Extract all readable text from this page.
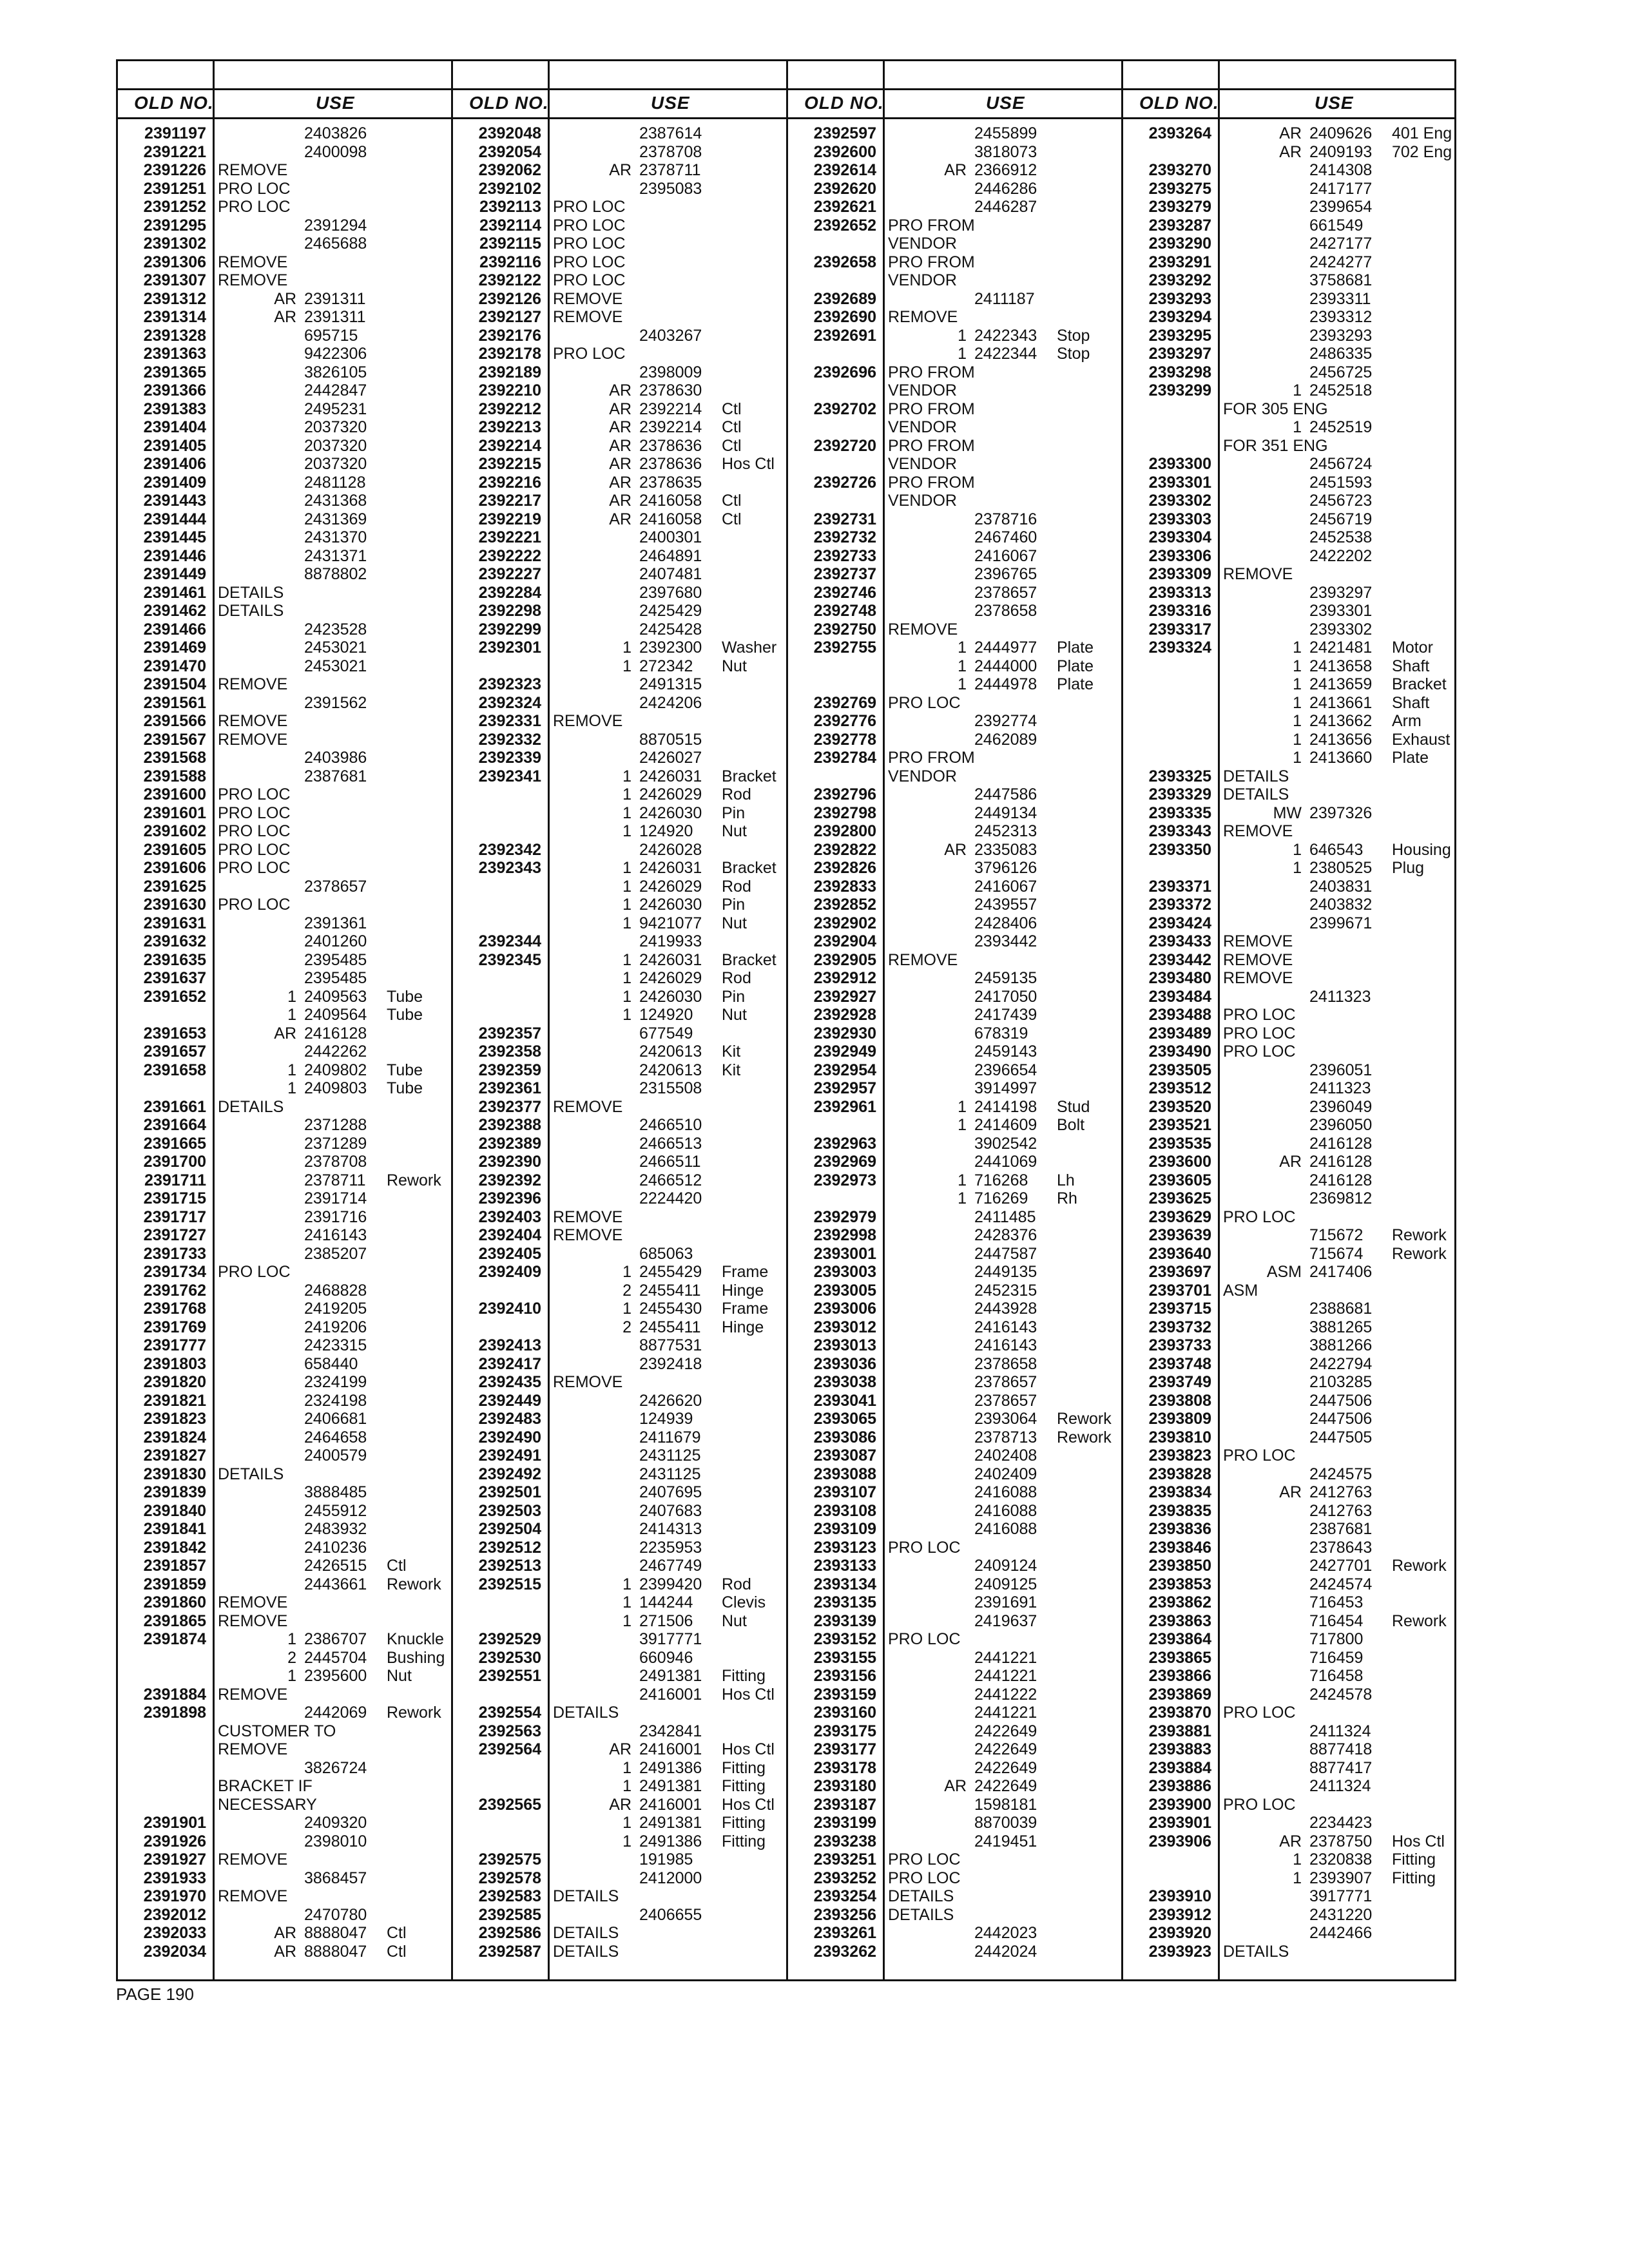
OLD NO.	USE
2391197	2403826
2391221	2400098
2391226 REMOVE
2391251 PRO LOC
2391252 PRO LOC
2391295	2391294
2391302	2465688
2391306 REMOVE
2391307 REMOVE
2391312	AR 2391311
2391314	AR 2391311
2391328	695715
2391363	9422306
2391365	3826105
2391366	2442847
2391383	2495231
2391404	2037320
2391405	2037320
2391406	2037320
2391409	2481128
2391443	2431368
2391444	2431369
2391445	2431370
2391446	2431371
2391449	8878802
2391461 DETAILS
2391462 DETAILS
2391466	2423528
2391469	2453021
2391470	2453021
2391504 REMOVE
2391561	2391562
2391566 REMOVE
2391567 REMOVE
2391568	2403986
2391588	2387681
2391600 PRO LOC
2391601 PRO LOC
2391602 PRO LOC
2391605 PRO LOC
2391606 PRO LOC
2391625	2378657
2391630 PRO LOC
2391631	2391361
2391632	2401260
2391635	2395485
2391637	2395485
2391652	1 2409563 Tube
1 2409564 Tube
2391653	AR 2416128
2391657	2442262
2391658	1 2409802 Tube
1 2409803 Tube
2391661 DETAILS
2391664	2371288
2391665	2371289
2391700	2378708
2391711	2378711 Rework
2391715	2391714
2391717	2391716
2391727	2416143
2391733	2385207
2391734 PRO LOC
2391762	2468828
2391768	2419205
2391769	2419206
2391777	2423315
2391803	658440
2391820	2324199
2391821	2324198
2391823	2406681
2391824	2464658
2391827	2400579
2391830 DETAILS
2391839	3888485
2391840	2455912
2391841	2483932
2391842	2410236
2391857	2426515 Ctl
2391859	2443661 Rework
2391860 REMOVE
2391865 REMOVE
2391874	1 2386707 Knuckle
2 2445704 Bushing
1 2395600 Nut
2391884 REMOVE
2391898	2442069 Rework
CUSTOMER TO
REMOVE
3826724
BRACKET IF
NECESSARY
2391901	2409320
2391926	2398010
2391927 REMOVE
2391933	3868457
2391970 REMOVE
2392012	2470780
2392033	AR 8888047 Ctl
2392034	AR 8888047 Ctl
OLD NO.	USE
2392048	2387614
2392054	2378708
2392062	AR 2378711
2392102	2395083
2392113 PRO LOC
2392114 PRO LOC
2392115 PRO LOC
2392116 PRO LOC
2392122 PRO LOC
2392126 REMOVE
2392127 REMOVE
2392176	2403267
2392178 PRO LOC
2392189	2398009
2392210	AR 2378630
2392212	AR 2392214 Ctl
2392213	AR 2392214 Ctl
2392214	AR 2378636 Ctl
2392215	AR 2378636 Hos Ctl
2392216	AR 2378635
2392217	AR 2416058 Ctl
2392219	AR 2416058 Ctl
2392221	2400301
2392222	2464891
2392227	2407481
2392284	2397680
2392298	2425429
2392299	2425428
2392301	1 2392300 Washer
1 272342 Nut
2392323	2491315
2392324	2424206
2392331 REMOVE
2392332	8870515
2392339	2426027
2392341	1 2426031 Bracket
1 2426029 Rod
1 2426030 Pin
1 124920 Nut
2392342	2426028
2392343	1 2426031 Bracket
1 2426029 Rod
1 2426030 Pin
1 9421077 Nut
2392344	2419933
2392345	1 2426031 Bracket
1 2426029 Rod
1 2426030 Pin
1 124920 Nut
2392357	677549
2392358	2420613 Kit
2392359	2420613 Kit
2392361	2315508
2392377 REMOVE
2392388	2466510
2392389	2466513
2392390	2466511
2392392	2466512
2392396	2224420
2392403 REMOVE
2392404 REMOVE
2392405	685063
2392409	1 2455429 Frame
2 2455411 Hinge
2392410	1 2455430 Frame
2 2455411 Hinge
2392413	8877531
2392417	2392418
2392435 REMOVE
2392449	2426620
2392483	124939
2392490	2411679
2392491	2431125
2392492	2431125
2392501	2407695
2392503	2407683
2392504	2414313
2392512	2235953
2392513	2467749
2392515	1 2399420 Rod
1 144244 Clevis
1 271506 Nut
2392529	3917771
2392530	660946
2392551	2491381 Fitting
2416001 Hos Ctl
2392554 DETAILS
2392563	2342841
2392564	AR 2416001 Hos Ctl
1 2491386 Fitting
1 2491381 Fitting
2392565	AR 2416001 Hos Ctl
1 2491381 Fitting
1 2491386 Fitting
2392575	191985
2392578	2412000
2392583 DETAILS
2392585	2406655
2392586 DETAILS
2392587 DETAILS
OLD NO.	USE
2392597	2455899
2392600	3818073
2392614	AR 2366912
2392620	2446286
2392621	2446287
2392652 PRO FROM
VENDOR
2392658 PRO FROM
VENDOR
2392689	2411187
2392690 REMOVE
2392691	1 2422343 Stop
1 2422344 Stop
2392696 PRO FROM
VENDOR
2392702 PRO FROM
VENDOR
2392720 PRO FROM
VENDOR
2392726 PRO FROM
VENDOR
2392731	2378716
2392732	2467460
2392733	2416067
2392737	2396765
2392746	2378657
2392748	2378658
2392750 REMOVE
2392755	1 2444977 Plate
1 2444000 Plate
1 2444978 Plate
2392769 PRO LOC
2392776	2392774
2392778	2462089
2392784 PRO FROM
VENDOR
2392796	2447586
2392798	2449134
2392800	2452313
2392822	AR 2335083
2392826	3796126
2392833	2416067
2392852	2439557
2392902	2428406
2392904	2393442
2392905 REMOVE
2392912	2459135
2392927	2417050
2392928	2417439
2392930	678319
2392949	2459143
2392954	2396654
2392957	3914997
2392961	1 2414198 Stud
1 2414609 Bolt
2392963	3902542
2392969	2441069
2392973	1 716268 Lh
1 716269 Rh
2392979	2411485
2392998	2428376
2393001	2447587
2393003	2449135
2393005	2452315
2393006	2443928
2393012	2416143
2393013	2416143
2393036	2378658
2393038	2378657
2393041	2378657
2393065	2393064 Rework
2393086	2378713 Rework
2393087	2402408
2393088	2402409
2393107	2416088
2393108	2416088
2393109	2416088
2393123 PRO LOC
2393133	2409124
2393134	2409125
2393135	2391691
2393139	2419637
2393152 PRO LOC
2393155	2441221
2393156	2441221
2393159	2441222
2393160	2441221
2393175	2422649
2393177	2422649
2393178	2422649
2393180	AR 2422649
2393187	1598181
2393199	8870039
2393238	2419451
2393251 PRO LOC
2393252 PRO LOC
2393254 DETAILS
2393256 DETAILS
2393261	2442023
2393262	2442024
OLD NO.	USE
2393264	AR 2409626 401 Eng
AR 2409193 702 Eng
2393270	2414308
2393275	2417177
2393279	2399654
2393287	661549
2393290	2427177
2393291	2424277
2393292	3758681
2393293	2393311
2393294	2393312
2393295	2393293
2393297	2486335
2393298	2456725
2393299	1 2452518
FOR 305 ENG
1 2452519
FOR 351 ENG
2393300	2456724
2393301	2451593
2393302	2456723
2393303	2456719
2393304	2452538
2393306	2422202
2393309 REMOVE
2393313	2393297
2393316	2393301
2393317	2393302
2393324	1 2421481 Motor
1 2413658 Shaft
1 2413659 Bracket
1 2413661 Shaft
1 2413662 Arm
1 2413656 Exhaust
1 2413660 Plate
2393325 DETAILS
2393329 DETAILS
2393335	MW 2397326
2393343 REMOVE
2393350	1 646543 Housing
1 2380525 Plug
2393371	2403831
2393372	2403832
2393424	2399671
2393433 REMOVE
2393442 REMOVE
2393480 REMOVE
2393484	2411323
2393488 PRO LOC
2393489 PRO LOC
2393490 PRO LOC
2393505	2396051
2393512	2411323
2393520	2396049
2393521	2396050
2393535	2416128
2393600	AR 2416128
2393605	2416128
2393625	2369812
2393629 PRO LOC
2393639	715672 Rework
2393640	715674 Rework
2393697	ASM 2417406
2393701 ASM
2393715	2388681
2393732	3881265
2393733	3881266
2393748	2422794
2393749	2103285
2393808	2447506
2393809	2447506
2393810	2447505
2393823 PRO LOC
2393828	2424575
2393834	AR 2412763
2393835	2412763
2393836	2387681
2393846	2378643
2393850	2427701 Rework
2393853	2424574
2393862	716453
2393863	716454 Rework
2393864	717800
2393865	716459
2393866	716458
2393869	2424578
2393870 PRO LOC
2393881	2411324
2393883	8877418
2393884	8877417
2393886	2411324
2393900 PRO LOC
2393901	2234423
2393906	AR 2378750 Hos Ctl
1 2320838 Fitting
1 2393907 Fitting
2393910	3917771
2393912	2431220
2393920	2442466
2393923 DETAILS
PAGE 190
